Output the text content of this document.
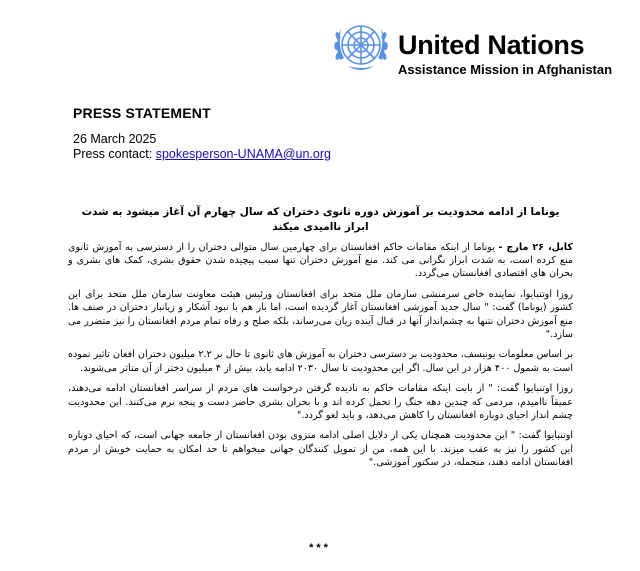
United Nations
Assistance Mission in Afghanistan
PRESS STATEMENT
26 March 2025
Press contact: spokesperson-UNAMA@un.org
یوناما از ادامه محدودیت بر آموزش دوره ثانوی دختران که سال چهارم آن آغاز میشود به شدت ابراز ناامیدی میکند

کابل، ۲۶ مارچ - یوناما از اینکه مقامات حاکم افغانستان برای چهارمین سال متوالی دختران را از دسترسی به آموزش ثانوی منع کرده است، به شدت ابراز نگرانی می کند. منع آموزش دختران تنها سبب پیچیده شدن حقوق بشری، کمک های بشری و بحران های اقتصادی افغانستان می‌گردد.

روزا اوتنبایوا، نماینده خاص سرمنشی سازمان ملل متحد برای افغانستان ورئیس هیئت معاونت سازمان ملل متحد برای این کشور (یوناما) گفت: " سال جدید آموزشی افغانستان آغاز گردیده است، اما باز هم با نبود آشکار و زیانبار دختران در صنف ها. منع آموزش دختران نتنها به چشم‌انداز آنها در قبال آینده زیان می‌رساند، بلکه صلح و رفاه تمام مردم افغانستان را نیز متضرر می سازد."

بر اساس معلومات یونیسف، محدودیت بر دسترسی دختران به آموزش های ثانوی تا حال بر ۲.۲ میلیون دختران افغان تاثیر نموده است به شمول ۴۰۰ هزار در این سال. اگر این محدودیت تا سال ۲۰۳۰ ادامه یابد، بیش از ۴ میلیون دختر از آن متاثر می‌شوند.

روزا اوتنبایوا گفت: " از بابت اینکه مقامات حاکم به نادیده گرفتن درخواست های مردم از سراسر افغانستان ادامه می‌دهند، عمیقاً ناامیدم، مردمی که چندین دهه جنگ را تحمل کرده اند و با بحران بشری حاضر دست و پنجه نرم می‌کنند. این محدودیت چشم انداز احیای دوباره افغانستان را کاهش می‌دهد، و باید لغو گردد."

اوتنبایوا گفت: " این محدودیت همچنان یکی از دلایل اصلی ادامه منزوی بودن افغانستان از جامعه جهانی است، که احیای دوباره این کشور را نیز به عقب میزند. با این همه، من از تمویل کنندگان جهانی میخواهم تا حد امکان به حمایت خویش از مردم افغانستان ادامه دهند، منجمله، در سکتور آموزشی."

***
